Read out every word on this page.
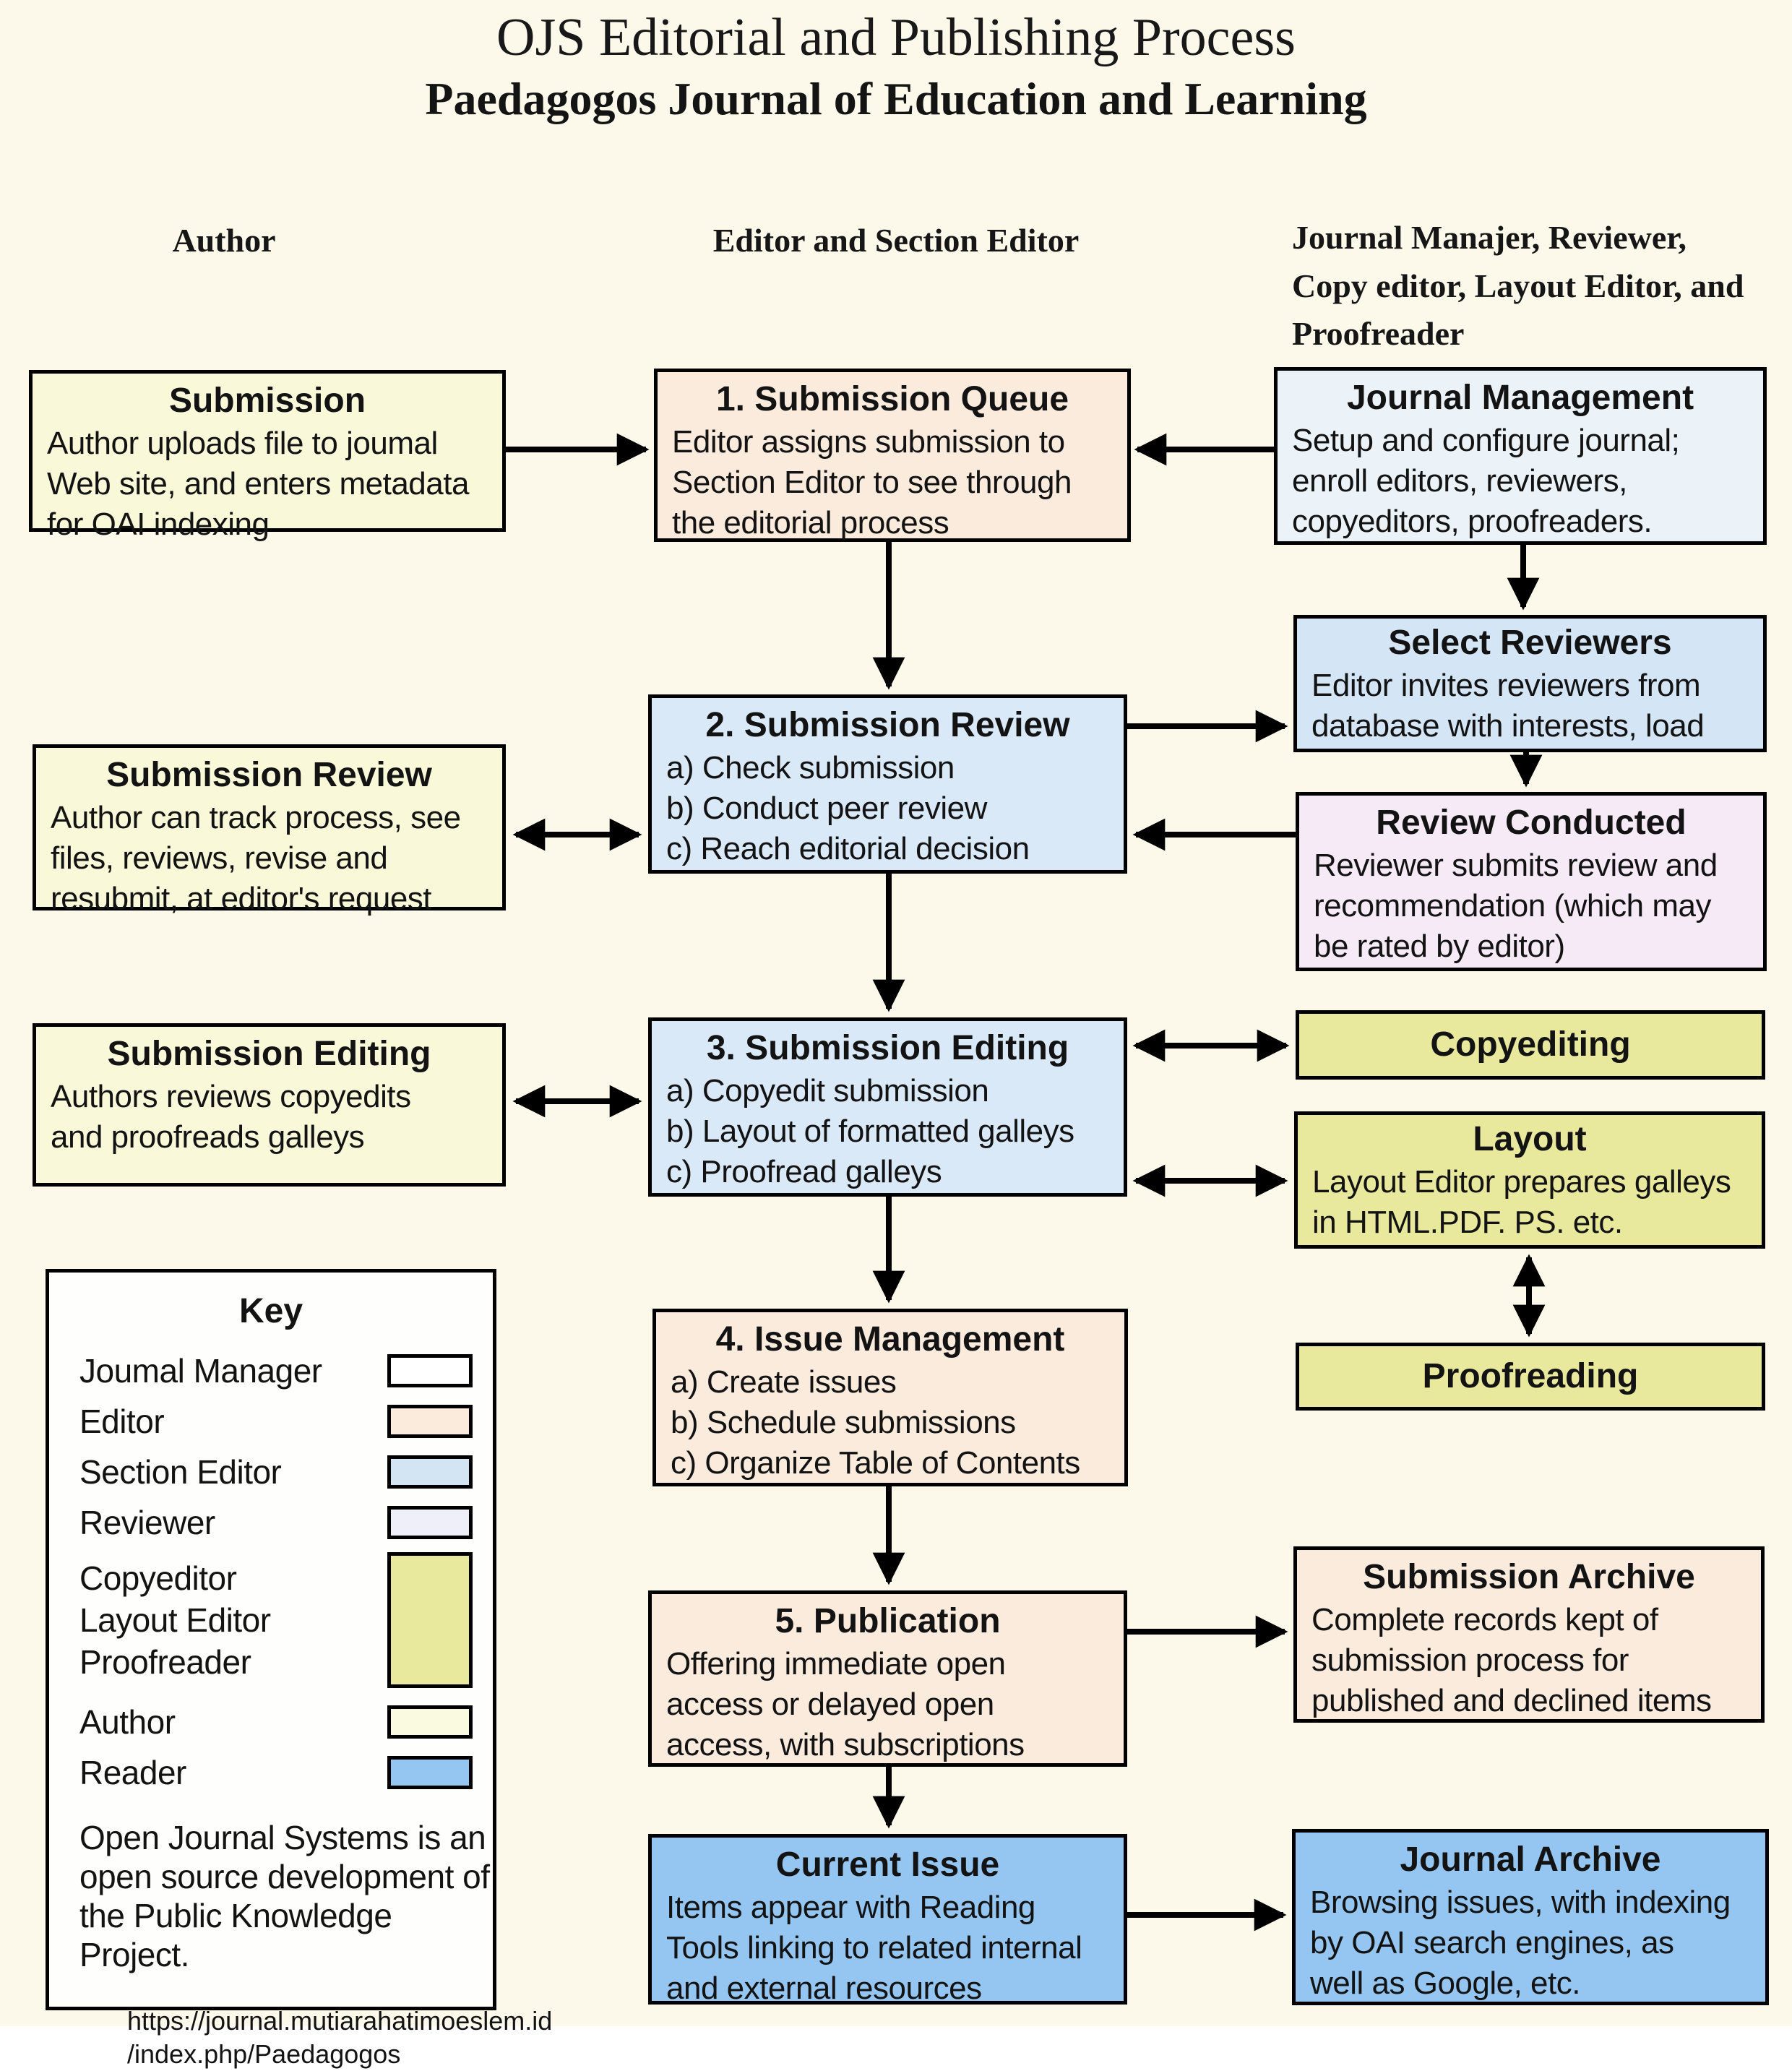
OJS Editorial and Publishing Process
Paedagogos Journal of Education and Learning
Author	Editor and Section Editor	Journal Manajer, Reviewer, Copy editor, Layout Editor, and Proofreader
Submission
Author uploads file to joumal
Web site, and enters metadata
for OAI indexing
Submission Review
Author can track process, see
files, reviews, revise and
resubmit, at editor's request
Submission Editing
Authors reviews copyedits
and proofreads galleys
1. Submission Queue
Editor assigns submission to
Section Editor to see through
the editorial process
2. Submission Review
a) Check submission
b) Conduct peer review
c) Reach editorial decision
3. Submission Editing
a) Copyedit submission
b) Layout of formatted galleys
c) Proofread galleys
4. Issue Management
a) Create issues
b) Schedule submissions
c) Organize Table of Contents
5. Publication
Offering immediate open
access or delayed open
access, with subscriptions
Current Issue
Items appear with Reading
Tools linking to related internal
and external resources
Journal Management
Setup and configure journal;
enroll editors, reviewers,
copyeditors, proofreaders.
Select Reviewers
Editor invites reviewers from
database with interests, load
Review Conducted
Reviewer submits review and
recommendation (which may
be rated by editor)
Copyediting
Layout
Layout Editor prepares galleys
in HTML.PDF. PS. etc.
Proofreading
Submission Archive
Complete records kept of
submission process for
published and declined items
Journal Archive
Browsing issues, with indexing
by OAI search engines, as
well as Google, etc.
Key
Joumal Manager
Editor
Section Editor
Reviewer
Copyeditor
Layout Editor
Proofreader
Author
Reader
Open Journal Systems is an
open source development of
the Public Knowledge
Project.
https://journal.mutiarahatimoeslem.id
/index.php/Paedagogos
